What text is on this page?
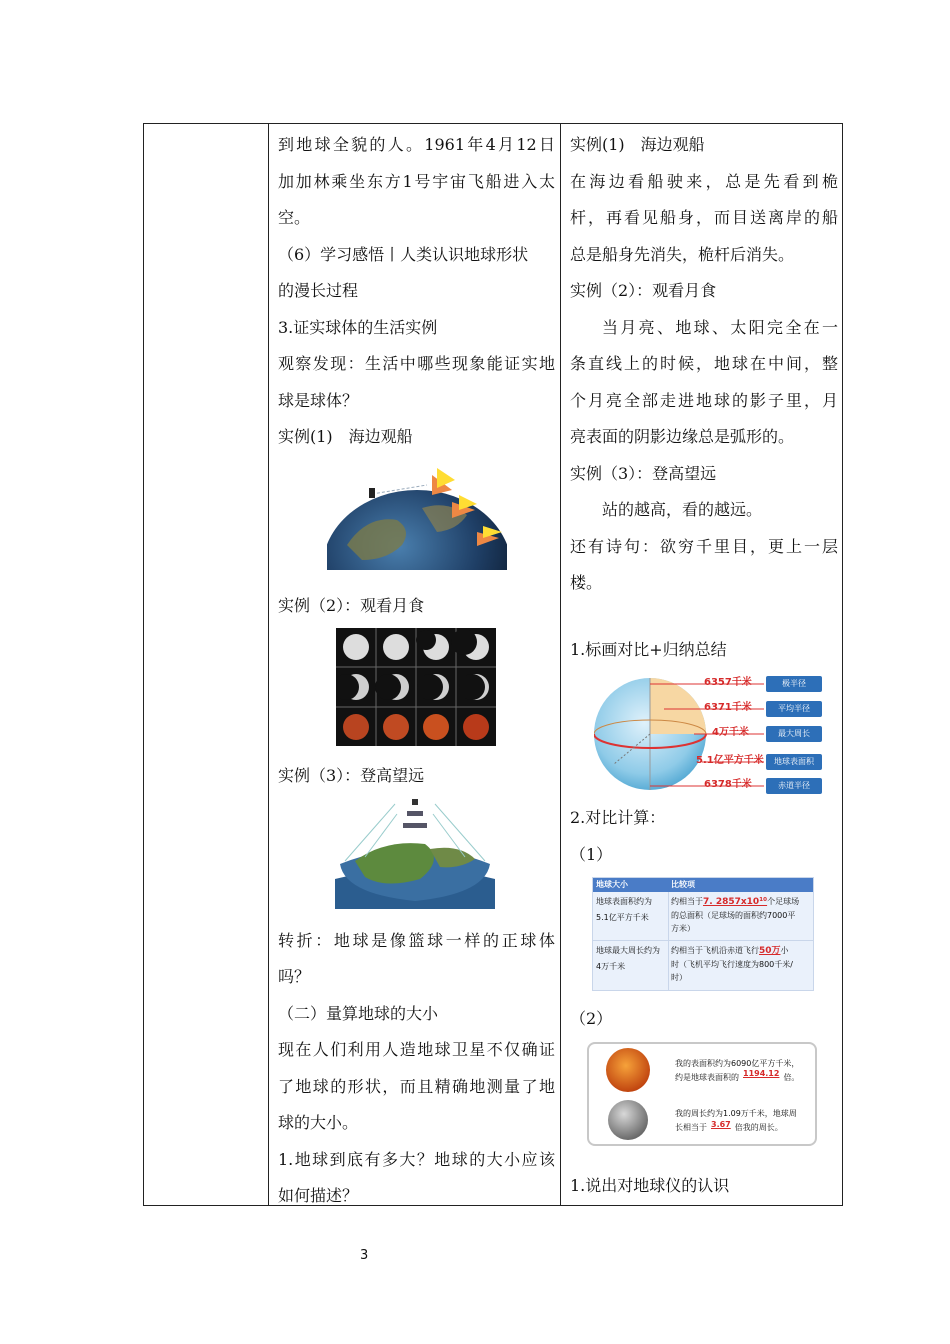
到地球全貌的人。1961年4月12日
加加林乘坐东方1号宇宙飞船进入太
空。
（6）学习感悟丨人类认识地球形状
的漫长过程
3.证实球体的生活实例
观察发现：生活中哪些现象能证实地
球是球体？
实例(1)　海边观船
实例（2）：观看月食
实例（3）：登高望远
转折：地球是像篮球一样的正球体
吗？
（二）量算地球的大小
现在人们利用人造地球卫星不仅确证
了地球的形状，而且精确地测量了地
球的大小。
1.地球到底有多大？地球的大小应该
如何描述？
实例(1)　海边观船
在海边看船驶来，总是先看到桅
杆，再看见船身，而目送离岸的船
总是船身先消失，桅杆后消失。
实例（2）：观看月食
当月亮、地球、太阳完全在一
条直线上的时候，地球在中间，整
个月亮全部走进地球的影子里，月
亮表面的阴影边缘总是弧形的。
实例（3）：登高望远
站的越高，看的越远。
还有诗句：欲穷千里目，更上一层
楼。
1.标画对比+归纳总结
6357千米
6371千米
4万千米
5.1亿平方千米
6378千米
极半径
平均半径
最大周长
地球表面积
赤道半径
2.对比计算：
（1）
地球大小	比较项
地球表面积约为
5.1亿平方千米
约相当于7. 2857x10¹⁰个足球场
的总面积（足球场的面积约7000平
方米）
地球最大周长约为
4万千米
约相当于飞机沿赤道飞行50万小
时（飞机平均飞行速度为800千米/
时）
（2）
我的表面积约为6090亿平方千米，
约是地球表面积的 1194.12 倍。
我的周长约为1.09万千米，地球周
长相当于 3.67 倍我的周长。
1.说出对地球仪的认识
3
